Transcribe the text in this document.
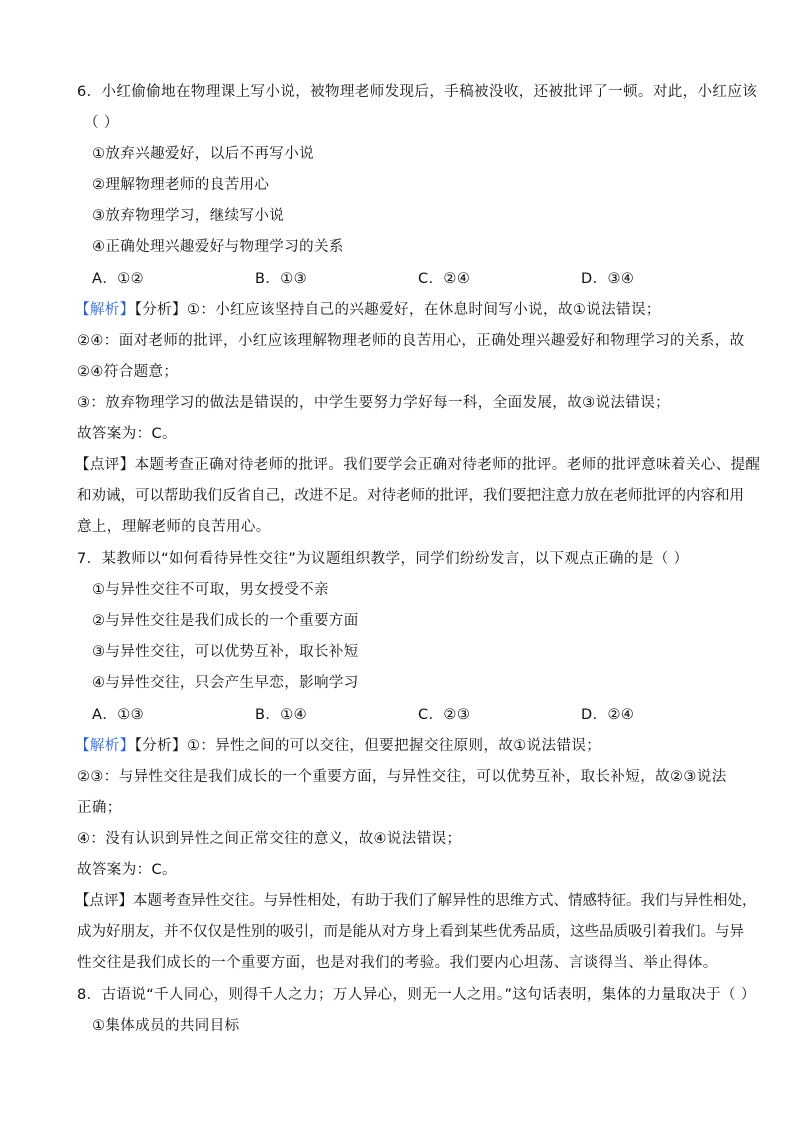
6．小红偷偷地在物理课上写小说，被物理老师发现后，手稿被没收，还被批评了一顿。对此，小红应该
（ ）
①放弃兴趣爱好，以后不再写小说
②理解物理老师的良苦用心
③放弃物理学习，继续写小说
④正确处理兴趣爱好与物理学习的关系
A．①②	B．①③	C．②④	D．③④
【解析】【分析】①：小红应该坚持自己的兴趣爱好，在休息时间写小说，故①说法错误；
②④：面对老师的批评，小红应该理解物理老师的良苦用心，正确处理兴趣爱好和物理学习的关系，故
②④符合题意；
③：放弃物理学习的做法是错误的，中学生要努力学好每一科，全面发展，故③说法错误；
故答案为：C。
【点评】本题考查正确对待老师的批评。我们要学会正确对待老师的批评。老师的批评意味着关心、提醒
和劝诫，可以帮助我们反省自己，改进不足。对待老师的批评，我们要把注意力放在老师批评的内容和用
意上，理解老师的良苦用心。
7．某教师以“如何看待异性交往”为议题组织教学，同学们纷纷发言，以下观点正确的是（ ）
①与异性交往不可取，男女授受不亲
②与异性交往是我们成长的一个重要方面
③与异性交往，可以优势互补，取长补短
④与异性交往，只会产生早恋，影响学习
A．①③	B．①④	C．②③	D．②④
【解析】【分析】①：异性之间的可以交往，但要把握交往原则，故①说法错误；
②③：与异性交往是我们成长的一个重要方面，与异性交往，可以优势互补，取长补短，故②③说法
正确；
④：没有认识到异性之间正常交往的意义，故④说法错误；
故答案为：C。
【点评】本题考查异性交往。与异性相处，有助于我们了解异性的思维方式、情感特征。我们与异性相处，
成为好朋友，并不仅仅是性别的吸引，而是能从对方身上看到某些优秀品质，这些品质吸引着我们。与异
性交往是我们成长的一个重要方面，也是对我们的考验。我们要内心坦荡、言谈得当、举止得体。
8．古语说“千人同心，则得千人之力；万人异心，则无一人之用。”这句话表明，集体的力量取决于（ ）
①集体成员的共同目标
